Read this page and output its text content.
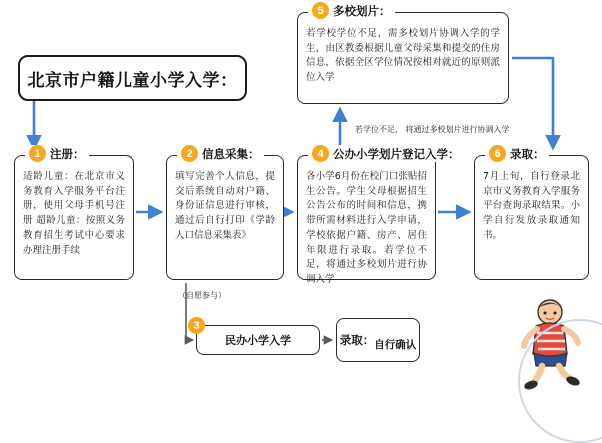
北京市户籍儿童小学入学：
1 注册：
适龄儿童：在北京市义务教育入学服务平台注册，使用父母手机号注册 超龄儿童：按照义务教育招生考试中心要求办理注册手续
2 信息采集：
填写完善个人信息，提交后系统自动对户籍、身份证信息进行审核，通过后自行打印《学龄人口信息采集表》
4 公办小学划片登记入学：
各小学6月份在校门口张贴招生公告。学生父母根据招生公告公布的时间和信息，携带所需材料进行入学申请，学校依据户籍、房产、居住年限进行录取。若学位不足，将通过多校划片进行协调入学
6 录取：
7月上旬，自行登录北京市义务教育入学服务平台查询录取结果。小学自行发放录取通知书。
5 多校划片：
若学校学位不足，需多校划片协调入学的学生，由区教委根据儿童父母采集和提交的住房信息，依据全区学位情况按相对就近的原则派位入学
若学位不足， 将通过多校划片进行协调入学
（自愿参与）
3
民办小学入学	录取： 自行确认
